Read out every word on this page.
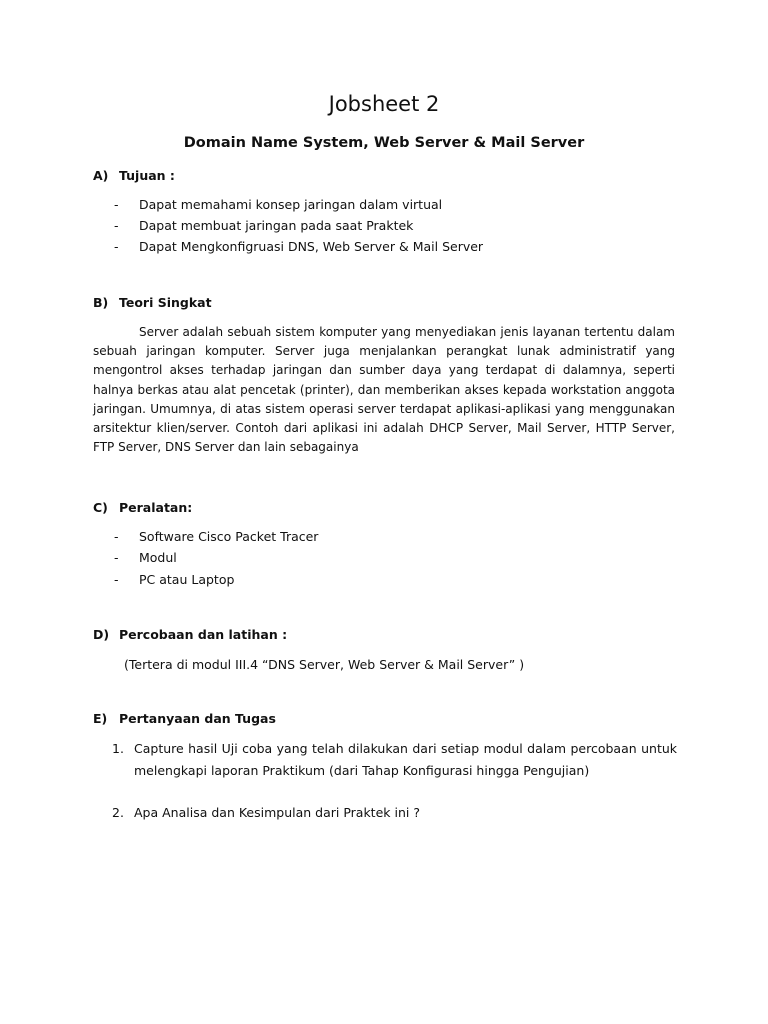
Jobsheet 2
Domain Name System, Web Server & Mail Server
A) Tujuan :
- Dapat memahami konsep jaringan dalam virtual
- Dapat membuat jaringan pada saat Praktek
- Dapat Mengkonfigruasi DNS, Web Server & Mail Server
B) Teori Singkat
Server adalah sebuah sistem komputer yang menyediakan jenis layanan tertentu dalam sebuah jaringan komputer. Server juga menjalankan perangkat lunak administratif yang mengontrol akses terhadap jaringan dan sumber daya yang terdapat di dalamnya, seperti halnya berkas atau alat pencetak (printer), dan memberikan akses kepada workstation anggota jaringan. Umumnya, di atas sistem operasi server terdapat aplikasi-aplikasi yang menggunakan arsitektur klien/server. Contoh dari aplikasi ini adalah DHCP Server, Mail Server, HTTP Server, FTP Server, DNS Server dan lain sebagainya
C) Peralatan:
- Software Cisco Packet Tracer
- Modul
- PC atau Laptop
D) Percobaan dan latihan :
(Tertera di modul III.4 “DNS Server, Web Server & Mail Server” )
E) Pertanyaan dan Tugas
1. Capture hasil Uji coba yang telah dilakukan dari setiap modul dalam percobaan untuk melengkapi laporan Praktikum (dari Tahap Konfigurasi hingga Pengujian)
2. Apa Analisa dan Kesimpulan dari Praktek ini ?
